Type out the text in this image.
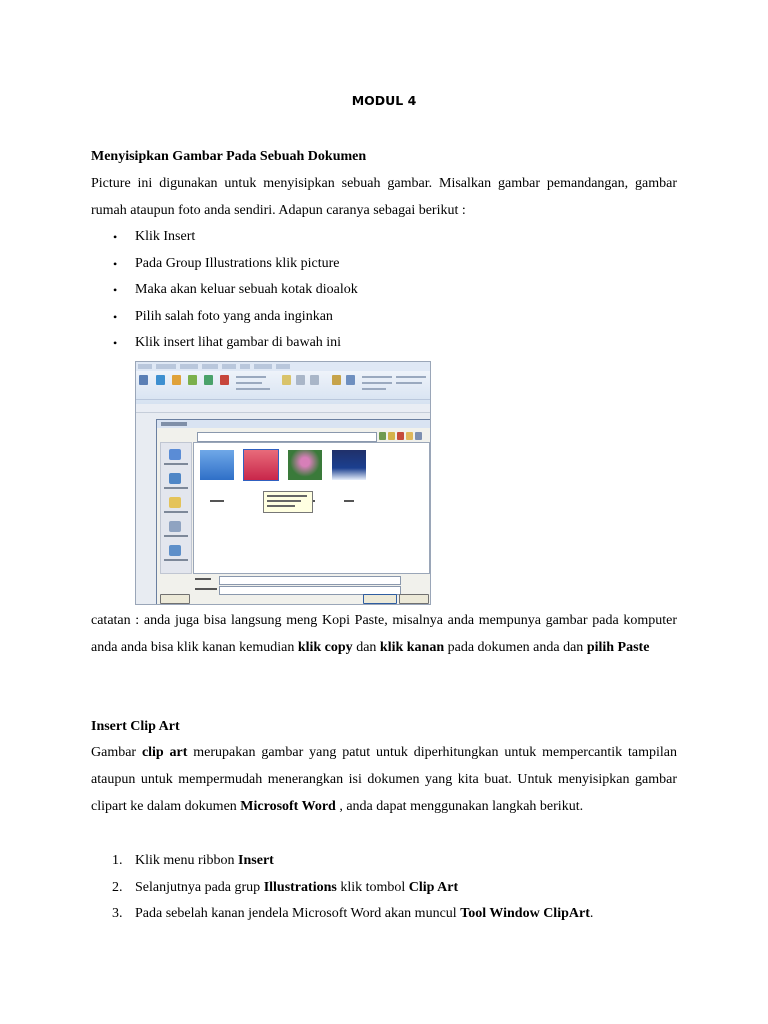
MODUL 4
Menyisipkan Gambar Pada Sebuah Dokumen
Picture ini digunakan untuk menyisipkan sebuah gambar. Misalkan gambar pemandangan, gambar rumah ataupun foto anda sendiri. Adapun caranya sebagai berikut :
• Klik Insert
• Pada Group Illustrations klik picture
• Maka akan keluar sebuah kotak dioalok
• Pilih salah foto yang anda inginkan
• Klik insert lihat gambar di bawah ini
catatan : anda juga bisa langsung meng Kopi Paste, misalnya anda mempunya gambar pada komputer anda anda bisa klik kanan kemudian klik copy dan klik kanan pada dokumen anda dan pilih Paste
Insert Clip Art
Gambar clip art merupakan gambar yang patut untuk diperhitungkan untuk mempercantik tampilan ataupun untuk mempermudah menerangkan isi dokumen yang kita buat. Untuk menyisipkan gambar clipart ke dalam dokumen Microsoft Word , anda dapat menggunakan langkah berikut.
1. Klik menu ribbon Insert
2. Selanjutnya pada grup Illustrations klik tombol Clip Art
3. Pada sebelah kanan jendela Microsoft Word akan muncul Tool Window ClipArt.
